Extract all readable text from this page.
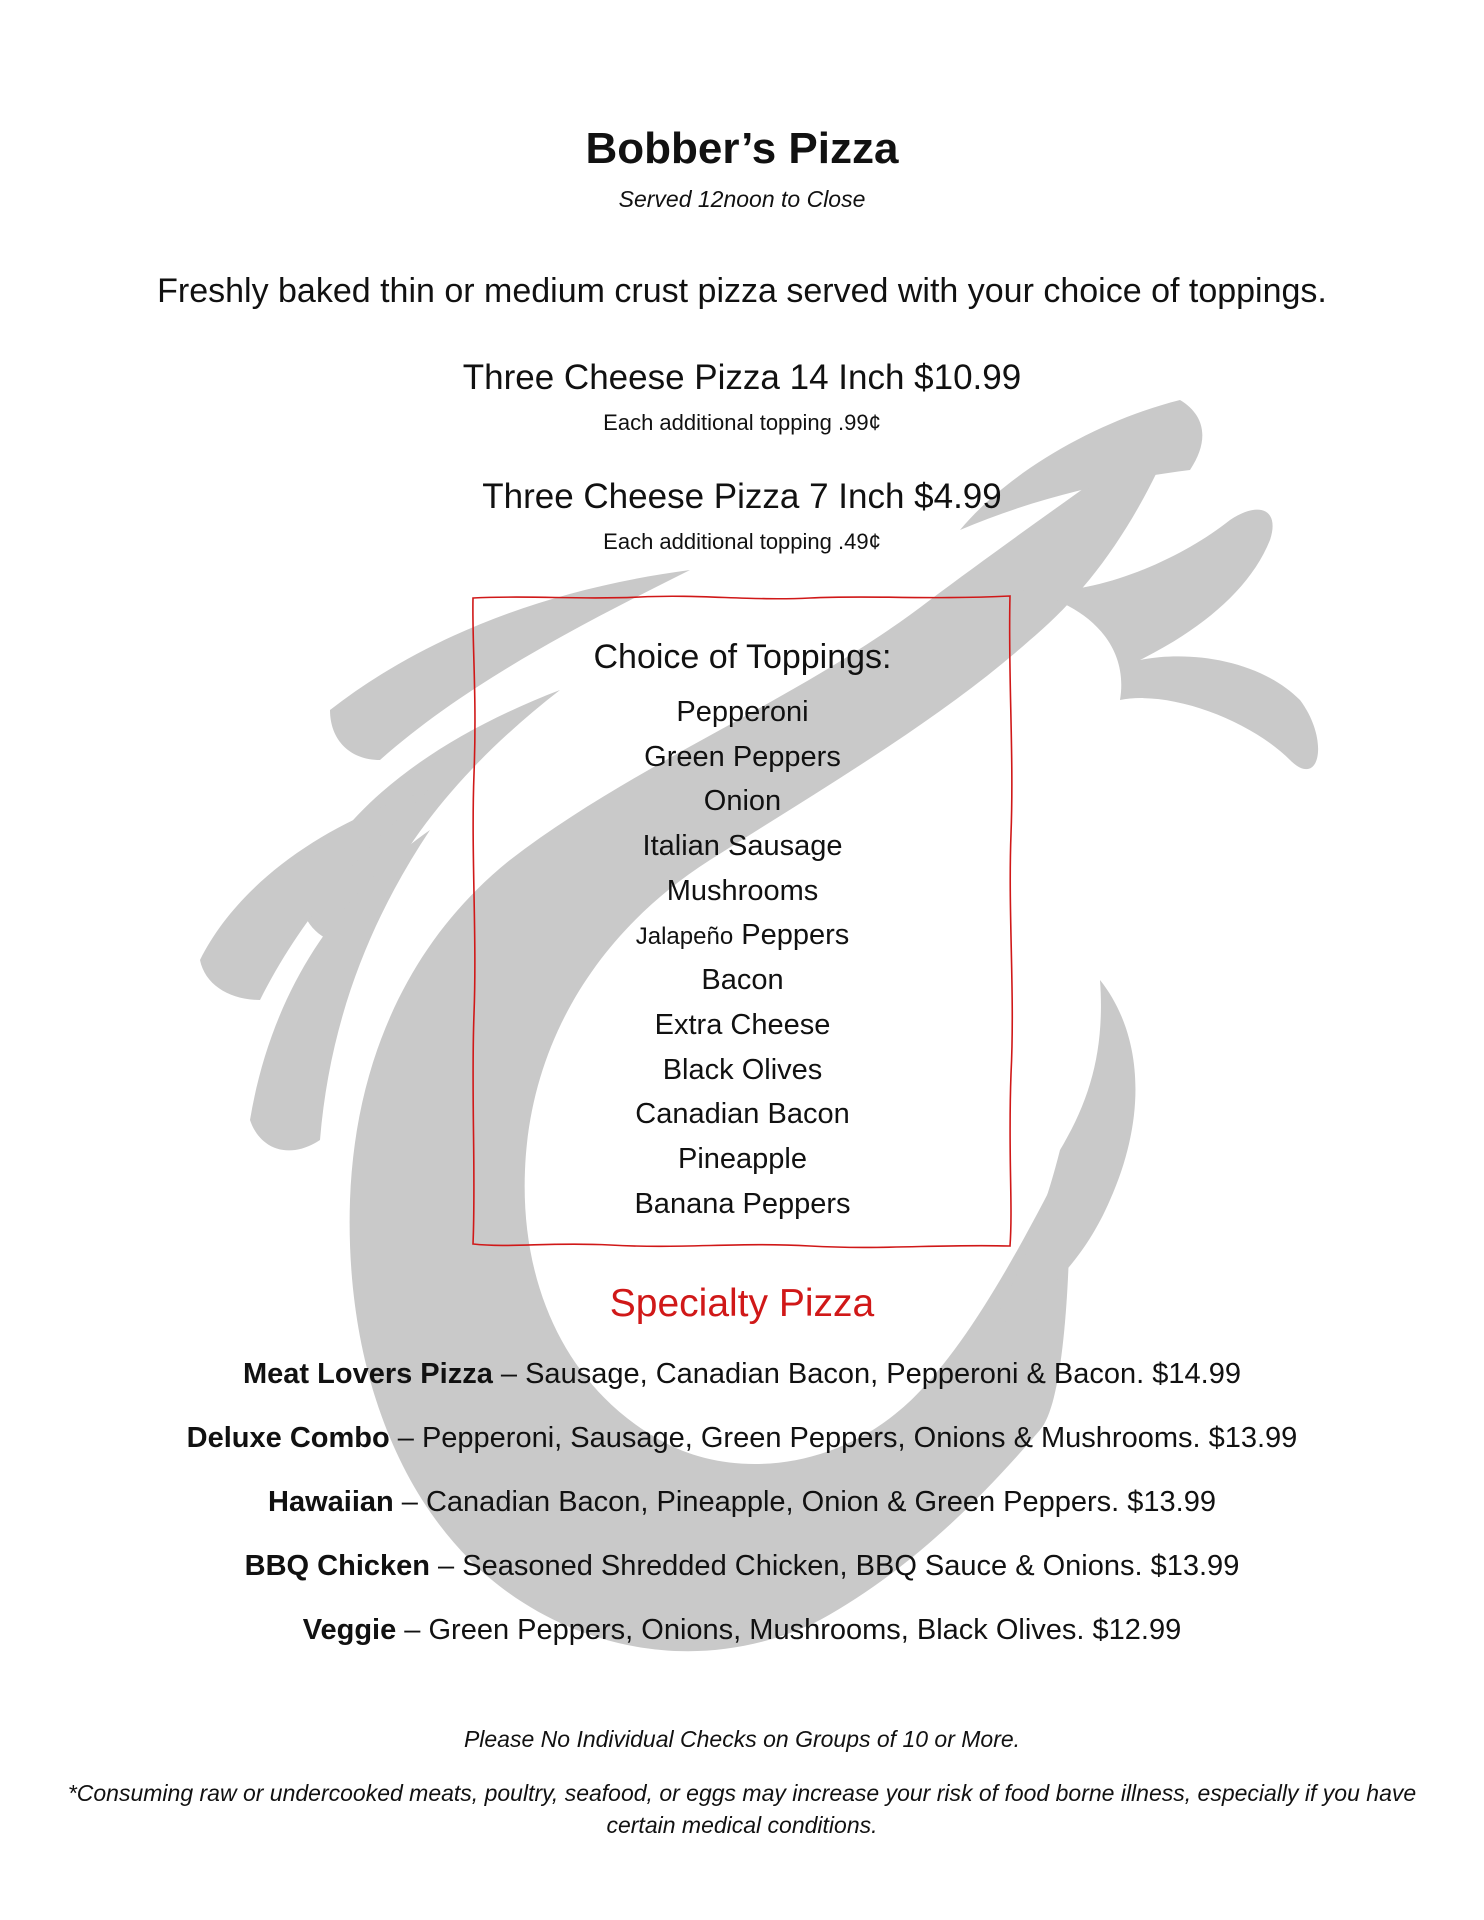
Bobber’s Pizza
Served 12noon to Close
Freshly baked thin or medium crust pizza served with your choice of toppings.
Three Cheese Pizza 14 Inch $10.99
Each additional topping .99¢
Three Cheese Pizza 7 Inch $4.99
Each additional topping .49¢
Choice of Toppings:
Pepperoni
Green Peppers
Onion
Italian Sausage
Mushrooms
Jalapeño Peppers
Bacon
Extra Cheese
Black Olives
Canadian Bacon
Pineapple
Banana Peppers
Specialty Pizza
Meat Lovers Pizza – Sausage, Canadian Bacon, Pepperoni & Bacon. $14.99
Deluxe Combo – Pepperoni, Sausage, Green Peppers, Onions & Mushrooms. $13.99
Hawaiian – Canadian Bacon, Pineapple, Onion & Green Peppers. $13.99
BBQ Chicken – Seasoned Shredded Chicken, BBQ Sauce & Onions. $13.99
Veggie – Green Peppers, Onions, Mushrooms, Black Olives. $12.99
Please No Individual Checks on Groups of 10 or More.
*Consuming raw or undercooked meats, poultry, seafood, or eggs may increase your risk of food borne illness, especially if you have
certain medical conditions.
